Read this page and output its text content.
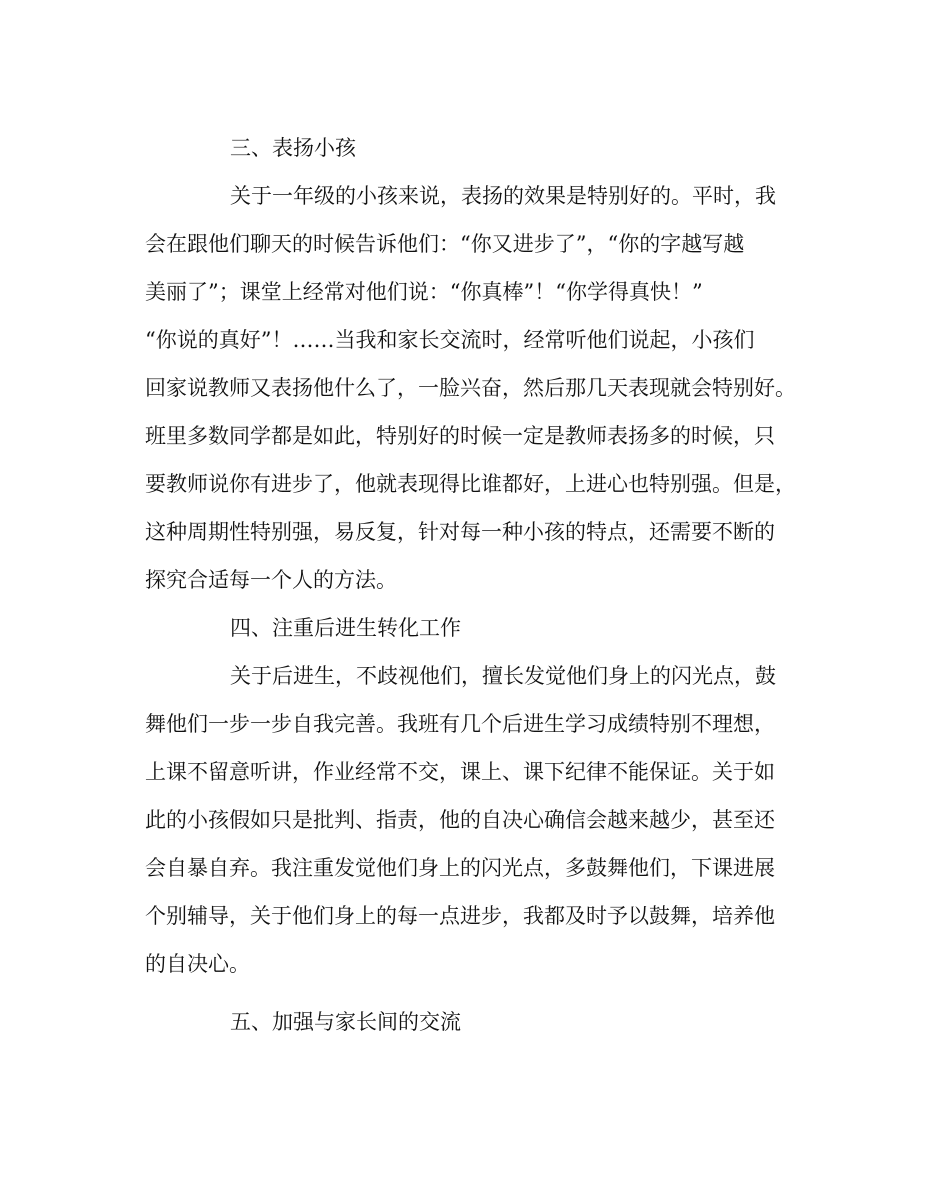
三、表扬小孩
关于一年级的小孩来说，表扬的效果是特别好的。平时，我
会在跟他们聊天的时候告诉他们：“你又进步了”，“你的字越写越
美丽了”；课堂上经常对他们说：“你真棒”！“你学得真快！”
“你说的真好”！……当我和家长交流时，经常听他们说起，小孩们
回家说教师又表扬他什么了，一脸兴奋，然后那几天表现就会特别好。
班里多数同学都是如此，特别好的时候一定是教师表扬多的时候，只
要教师说你有进步了，他就表现得比谁都好，上进心也特别强。但是，
这种周期性特别强，易反复，针对每一种小孩的特点，还需要不断的
探究合适每一个人的方法。
四、注重后进生转化工作
关于后进生，不歧视他们，擅长发觉他们身上的闪光点，鼓
舞他们一步一步自我完善。我班有几个后进生学习成绩特别不理想，
上课不留意听讲，作业经常不交，课上、课下纪律不能保证。关于如
此的小孩假如只是批判、指责，他的自决心确信会越来越少，甚至还
会自暴自弃。我注重发觉他们身上的闪光点，多鼓舞他们，下课进展
个别辅导，关于他们身上的每一点进步，我都及时予以鼓舞，培养他
的自决心。
五、加强与家长间的交流
